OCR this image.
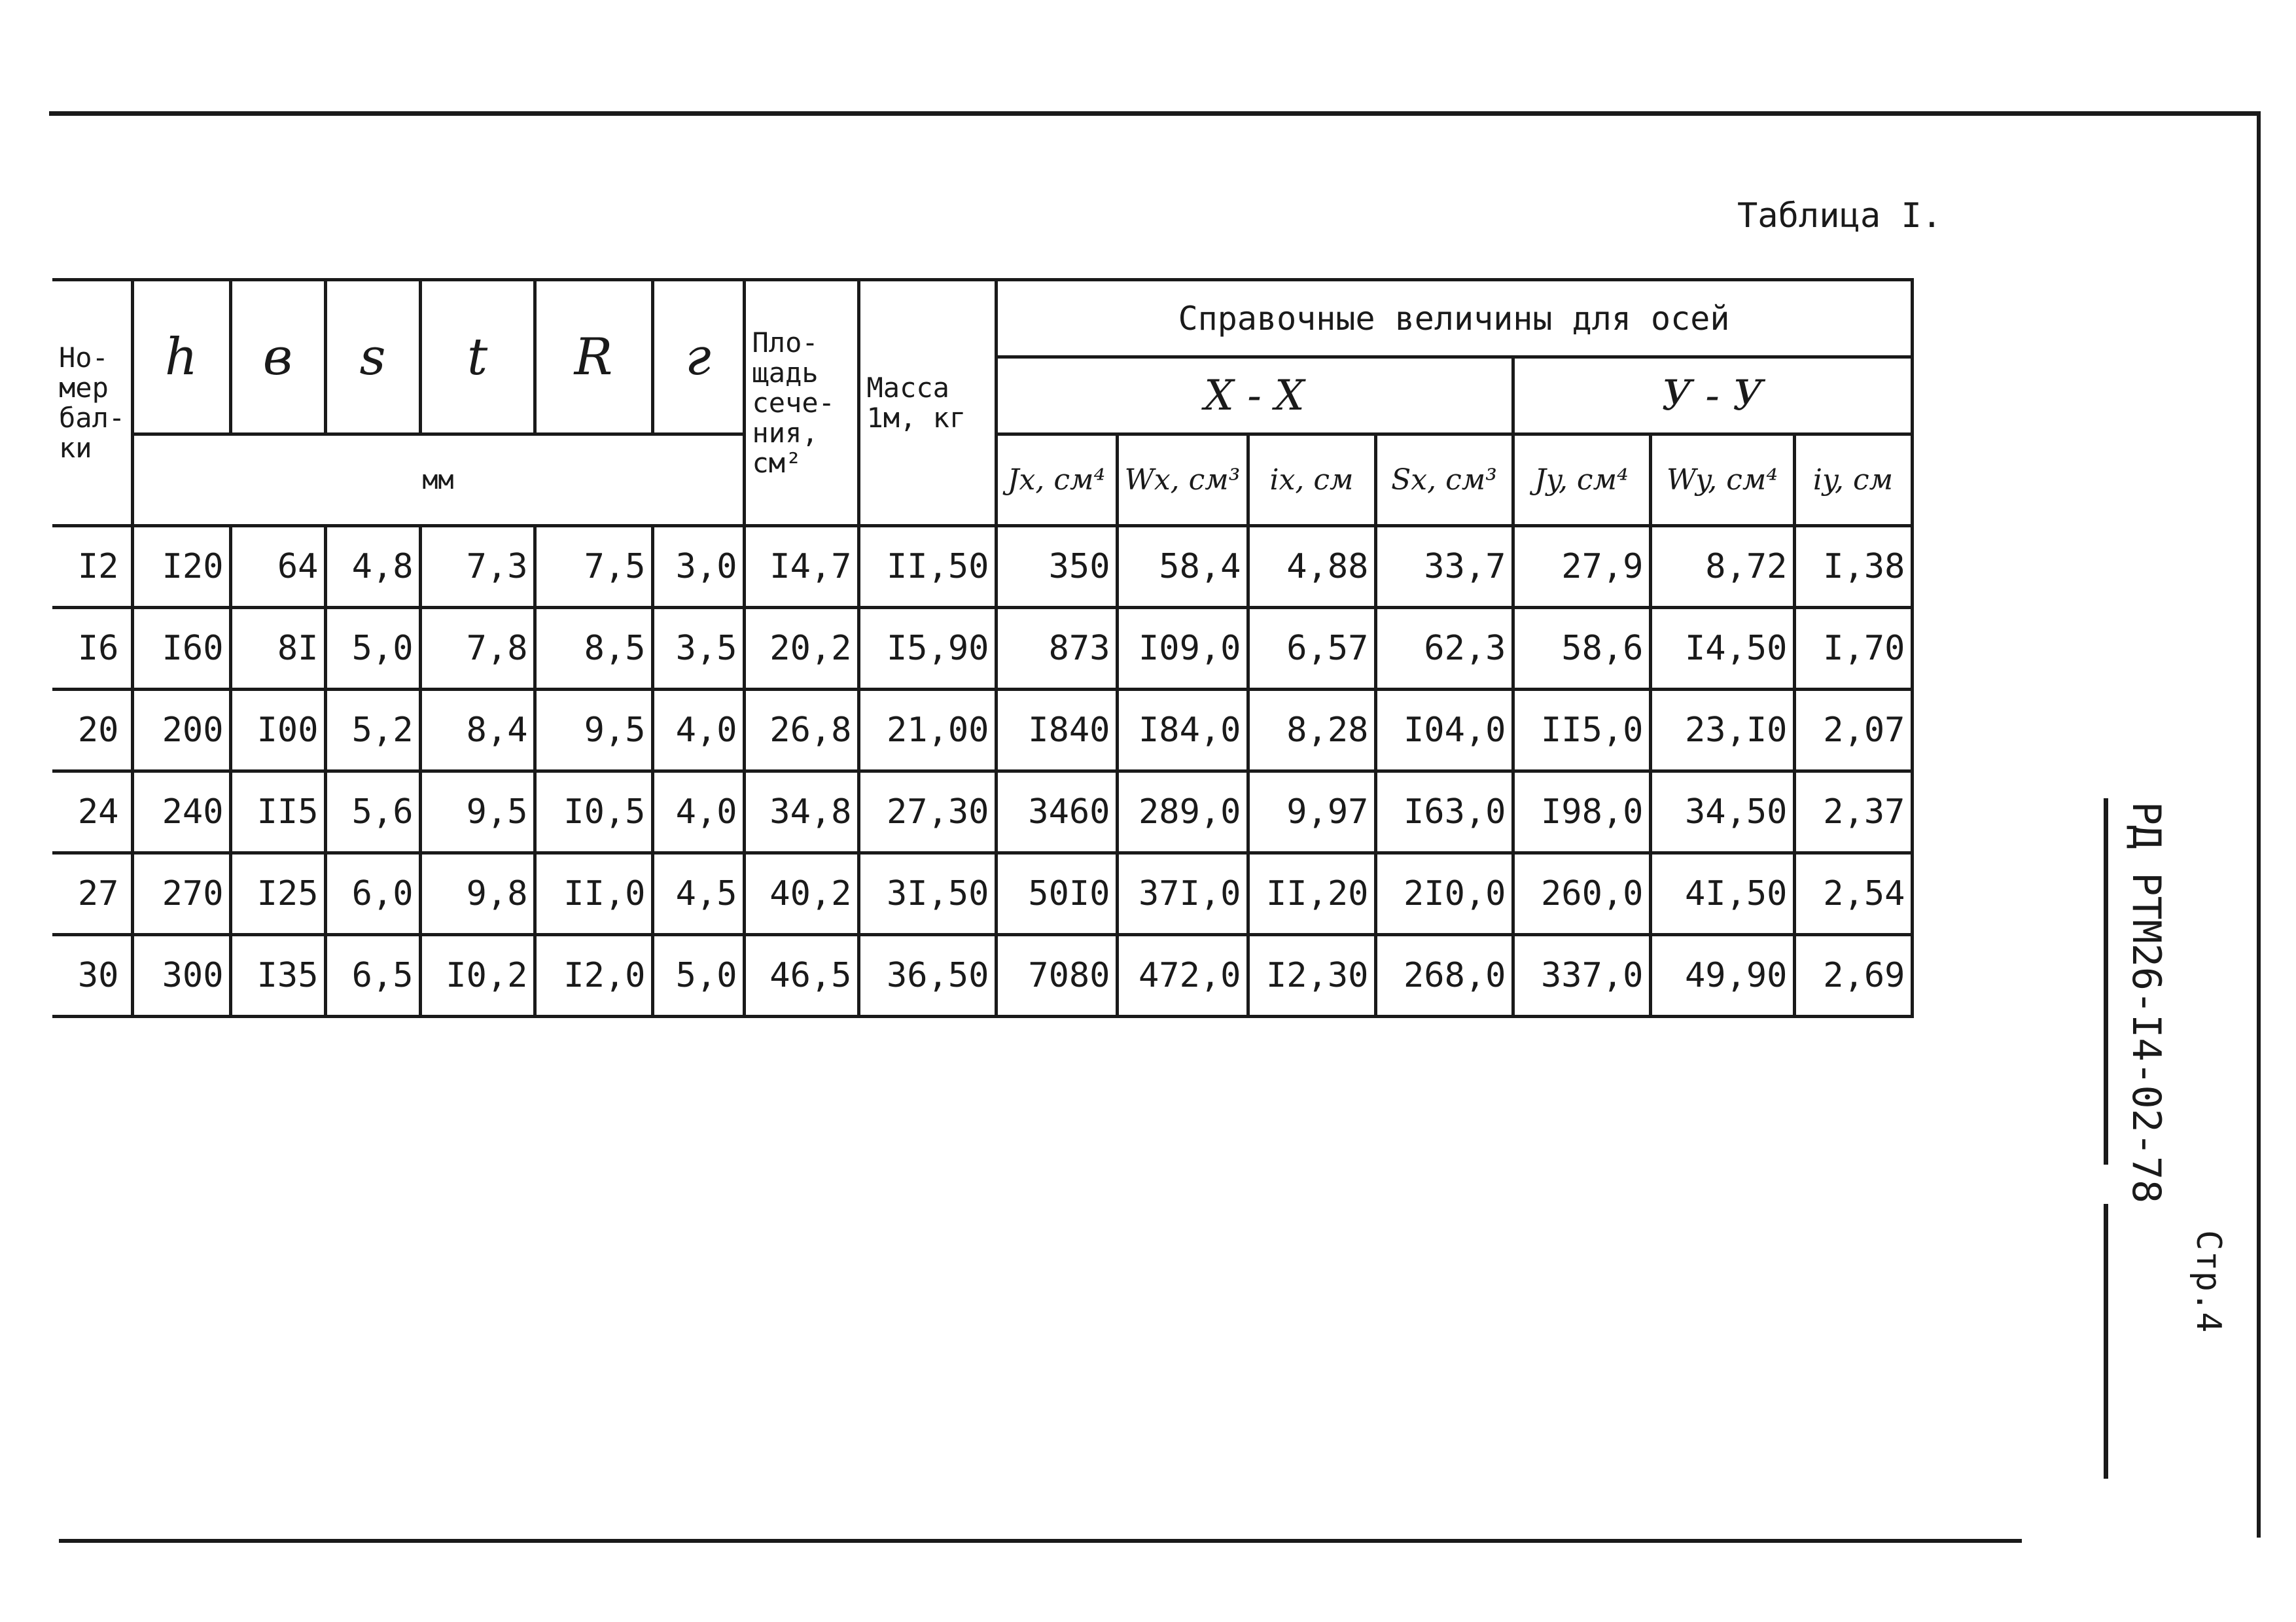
Таблица I.
РД РТМ26-I4-02-78
Стр.4
Но-мер бал-ки	h	в	s	t	R	г	Пло-щадь сече-ния, см²	Масса 1м, кг	Справочные величины для осей						
									X - X				У - У		
	мм								Jx, см⁴	Wx, см³	ix, см	Sx, см³	Jy, см⁴	Wy, см⁴	iy, см
I2	I20	64	4,8	7,3	7,5	3,0	I4,7	II,50	350	58,4	4,88	33,7	27,9	8,72	I,38
I6	I60	8I	5,0	7,8	8,5	3,5	20,2	I5,90	873	I09,0	6,57	62,3	58,6	I4,50	I,70
20	200	I00	5,2	8,4	9,5	4,0	26,8	21,00	I840	I84,0	8,28	I04,0	II5,0	23,I0	2,07
24	240	II5	5,6	9,5	I0,5	4,0	34,8	27,30	3460	289,0	9,97	I63,0	I98,0	34,50	2,37
27	270	I25	6,0	9,8	II,0	4,5	40,2	3I,50	50I0	37I,0	II,20	2I0,0	260,0	4I,50	2,54
30	300	I35	6,5	I0,2	I2,0	5,0	46,5	36,50	7080	472,0	I2,30	268,0	337,0	49,90	2,69
